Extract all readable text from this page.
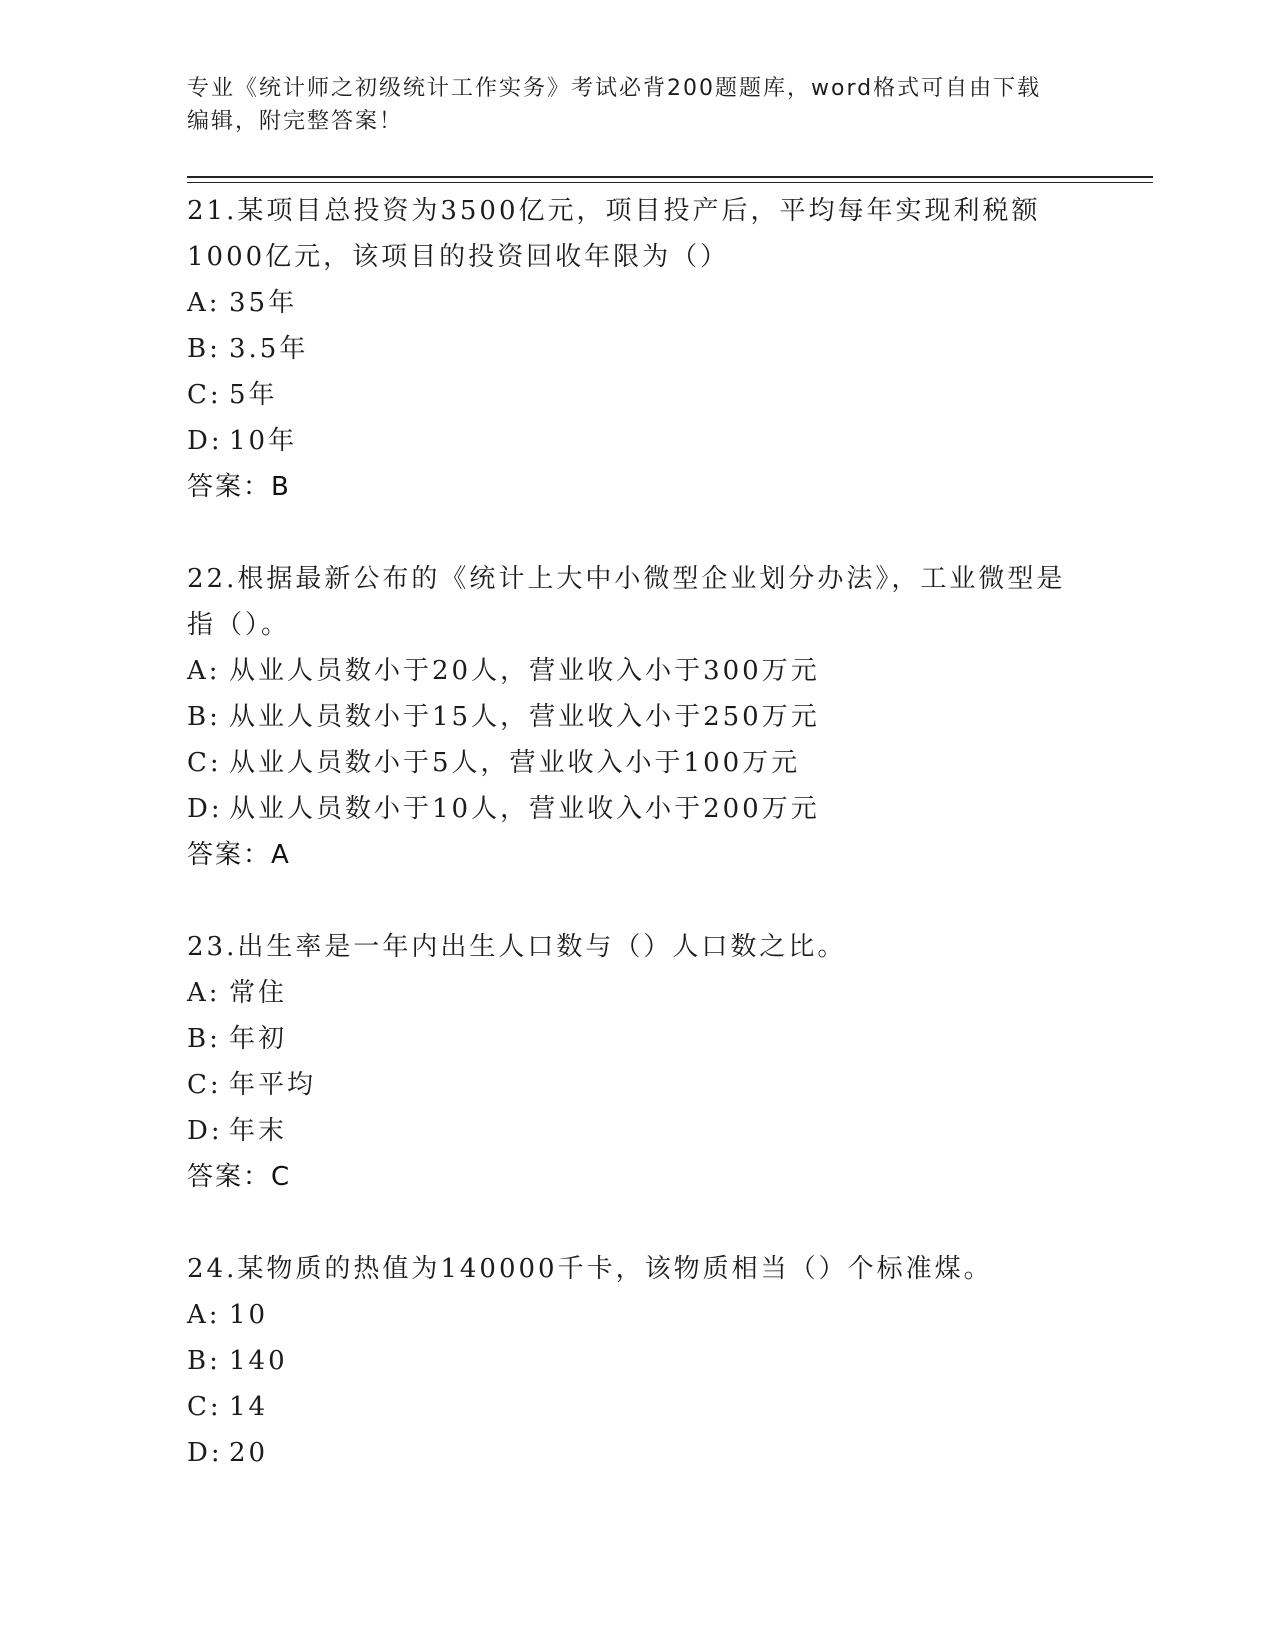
专业《统计师之初级统计工作实务》考试必背200题题库，word格式可自由下载
编辑，附完整答案！

21.某项目总投资为3500亿元，项目投产后，平均每年实现利税额

1000亿元，该项目的投资回收年限为（）

A: 35年

B: 3.5年

C: 5年

D: 10年

答案：B

22.根据最新公布的《统计上大中小微型企业划分办法》，工业微型是

指（）。

A: 从业人员数小于20人，营业收入小于300万元

B: 从业人员数小于15人，营业收入小于250万元

C: 从业人员数小于5人，营业收入小于100万元

D: 从业人员数小于10人，营业收入小于200万元

答案：A

23.出生率是一年内出生人口数与（）人口数之比。

A: 常住

B: 年初

C: 年平均

D: 年末

答案：C

24.某物质的热值为140000千卡，该物质相当（）个标准煤。

A: 10

B: 140

C: 14

D: 20
